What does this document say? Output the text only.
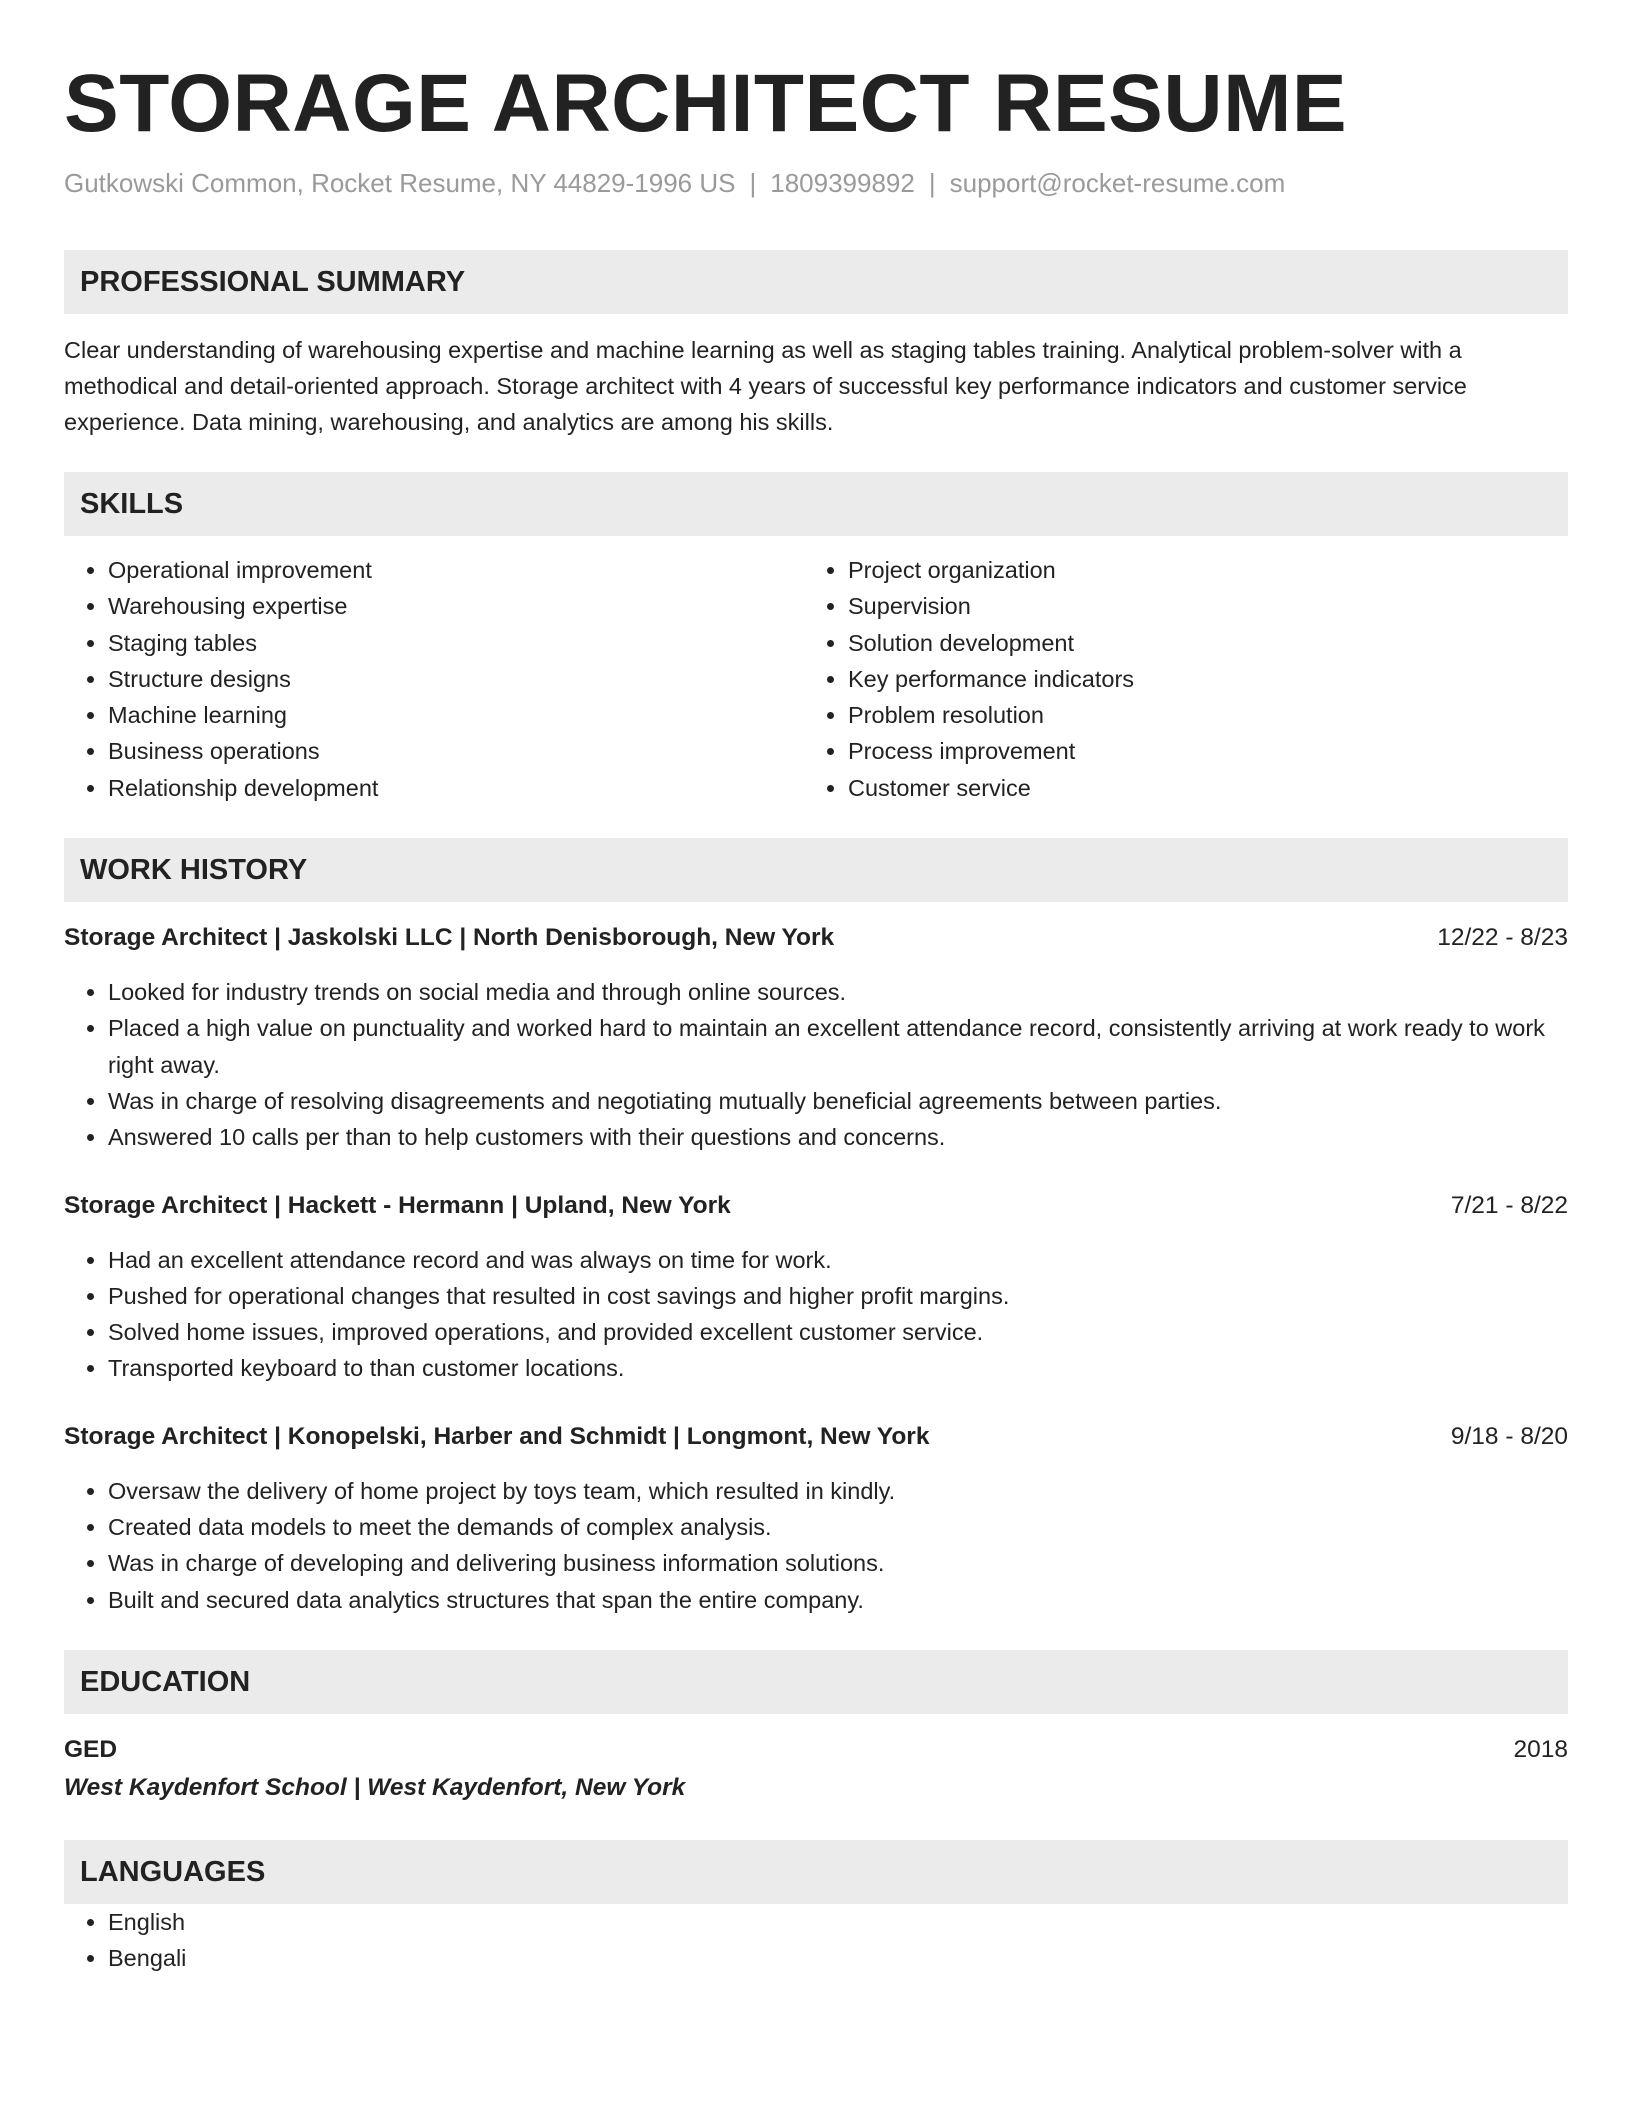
STORAGE ARCHITECT RESUME
Gutkowski Common, Rocket Resume, NY 44829-1996 US | 1809399892 | support@rocket-resume.com
PROFESSIONAL SUMMARY

Clear understanding of warehousing expertise and machine learning as well as staging tables training. Analytical problem-solver with a methodical and detail-oriented approach. Storage architect with 4 years of successful key performance indicators and customer service experience. Data mining, warehousing, and analytics are among his skills.

SKILLS
• Operational improvement
• Warehousing expertise
• Staging tables
• Structure designs
• Machine learning
• Business operations
• Relationship development
• Project organization
• Supervision
• Solution development
• Key performance indicators
• Problem resolution
• Process improvement
• Customer service
WORK HISTORY
Storage Architect | Jaskolski LLC | North Denisborough, New York	12/22 - 8/23
• Looked for industry trends on social media and through online sources.
• Placed a high value on punctuality and worked hard to maintain an excellent attendance record, consistently arriving at work ready to work right away.
• Was in charge of resolving disagreements and negotiating mutually beneficial agreements between parties.
• Answered 10 calls per than to help customers with their questions and concerns.
Storage Architect | Hackett - Hermann | Upland, New York	7/21 - 8/22
• Had an excellent attendance record and was always on time for work.
• Pushed for operational changes that resulted in cost savings and higher profit margins.
• Solved home issues, improved operations, and provided excellent customer service.
• Transported keyboard to than customer locations.
Storage Architect | Konopelski, Harber and Schmidt | Longmont, New York	9/18 - 8/20
• Oversaw the delivery of home project by toys team, which resulted in kindly.
• Created data models to meet the demands of complex analysis.
• Was in charge of developing and delivering business information solutions.
• Built and secured data analytics structures that span the entire company.
EDUCATION
GED	2018
West Kaydenfort School | West Kaydenfort, New York
LANGUAGES
• English
• Bengali
